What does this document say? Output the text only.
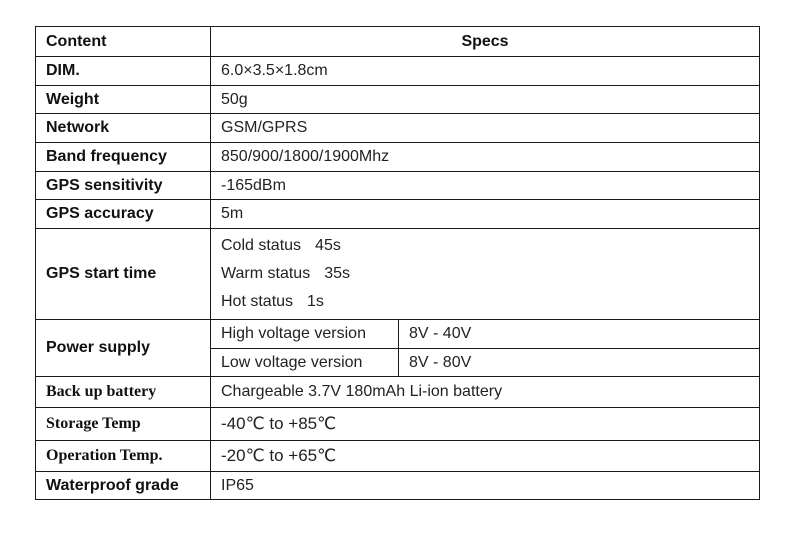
Content	Specs	
DIM.	6.0×3.5×1.8cm	
Weight	50g	
Network	GSM/GPRS	
Band frequency	850/900/1800/1900Mhz	
GPS sensitivity	-165dBm	
GPS accuracy	5m	
GPS start time	Cold status 45s
Warm status 35s
Hot status 1s	

Power supply	High voltage version	8V - 40V
	Low voltage version	8V - 80V
Back up battery	Chargeable 3.7V 180mAh Li-ion battery	
Storage Temp	-40℃ to +85℃	
Operation Temp.	-20℃ to +65℃	
Waterproof grade	IP65	
